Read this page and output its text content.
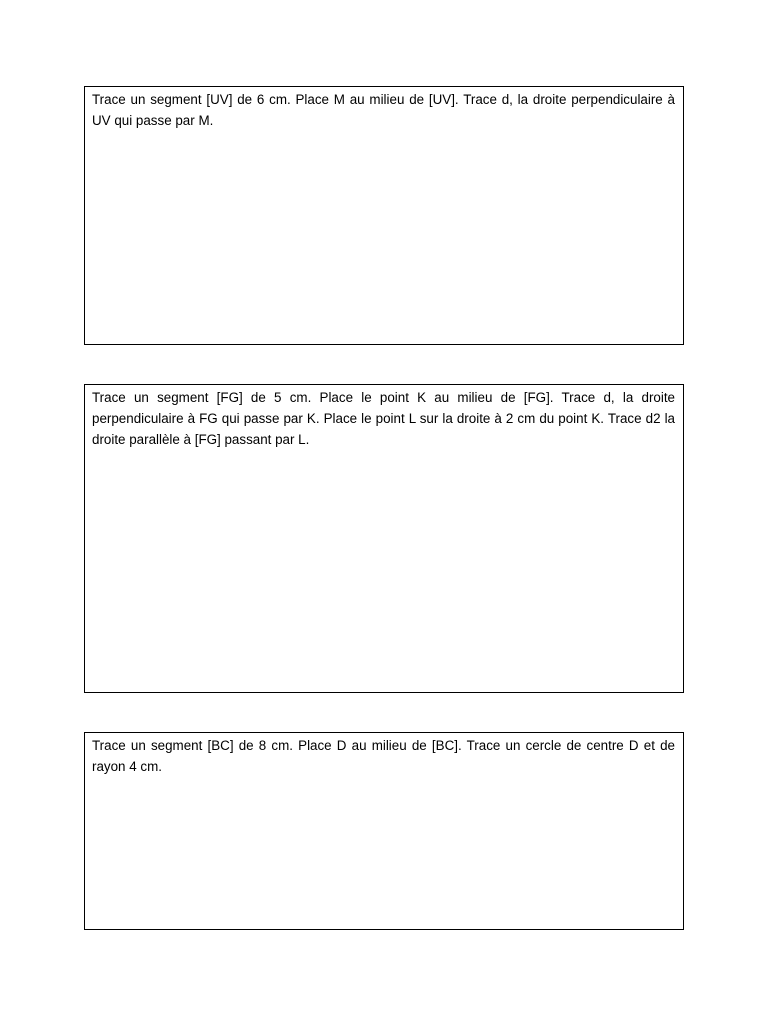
Trace un segment [UV] de 6 cm. Place M au milieu de [UV]. Trace d, la droite perpendiculaire à UV qui passe par M.

Trace un segment [FG] de 5 cm. Place le point K au milieu de [FG]. Trace d, la droite perpendiculaire à FG qui passe par K. Place le point L sur la droite à 2 cm du point K. Trace d2 la droite parallèle à [FG] passant par L.

Trace un segment [BC] de 8 cm. Place D au milieu de [BC]. Trace un cercle de centre D et de rayon 4 cm.
